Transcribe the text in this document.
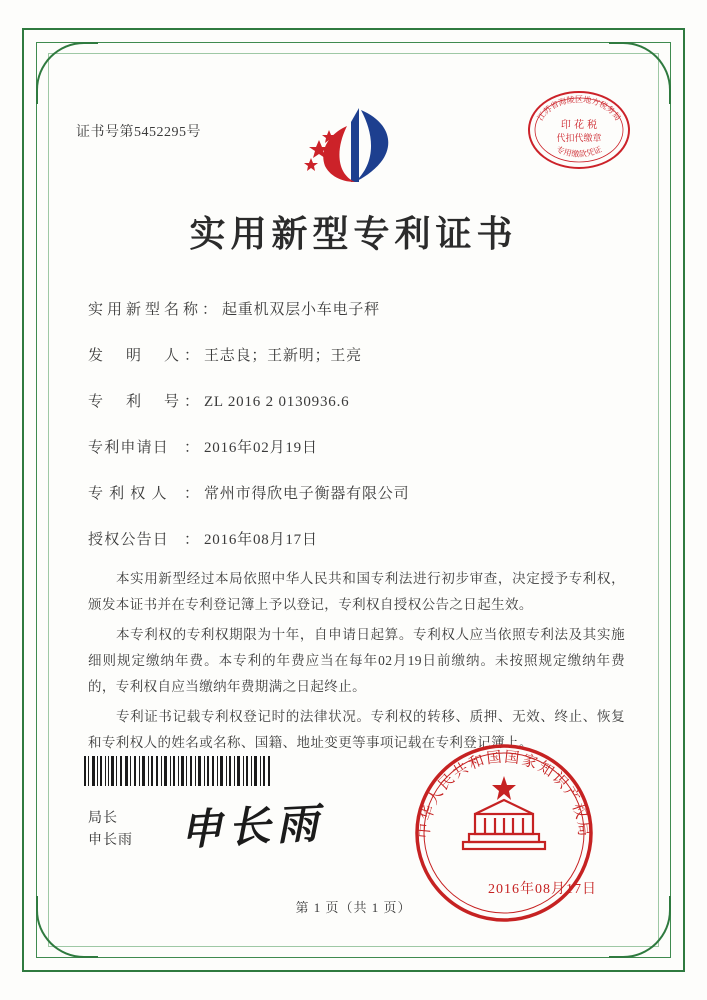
证书号第5452295号
江苏省海陵区地方税务局
印 花 税
代扣代缴章
专用缴款凭证
实用新型专利证书
实用新型名称： 起重机双层小车电子秤
发　明　人： 王志良；王新明；王亮
专　利　号： ZL 2016 2 0130936.6
专利申请日 ： 2016年02月19日
专 利 权 人 ： 常州市得欣电子衡器有限公司
授权公告日 ： 2016年08月17日

本实用新型经过本局依照中华人民共和国专利法进行初步审查，决定授予专利权，颁发本证书并在专利登记簿上予以登记，专利权自授权公告之日起生效。

本专利权的专利权期限为十年，自申请日起算。专利权人应当依照专利法及其实施细则规定缴纳年费。本专利的年费应当在每年02月19日前缴纳。未按照规定缴纳年费的，专利权自应当缴纳年费期满之日起终止。

专利证书记载专利权登记时的法律状况。专利权的转移、质押、无效、终止、恢复和专利权人的姓名或名称、国籍、地址变更等事项记载在专利登记簿上。

局长
申长雨 申长雨	中华人民共和国国家知识产权局
2016年08月17日
第 1 页（共 1 页）
